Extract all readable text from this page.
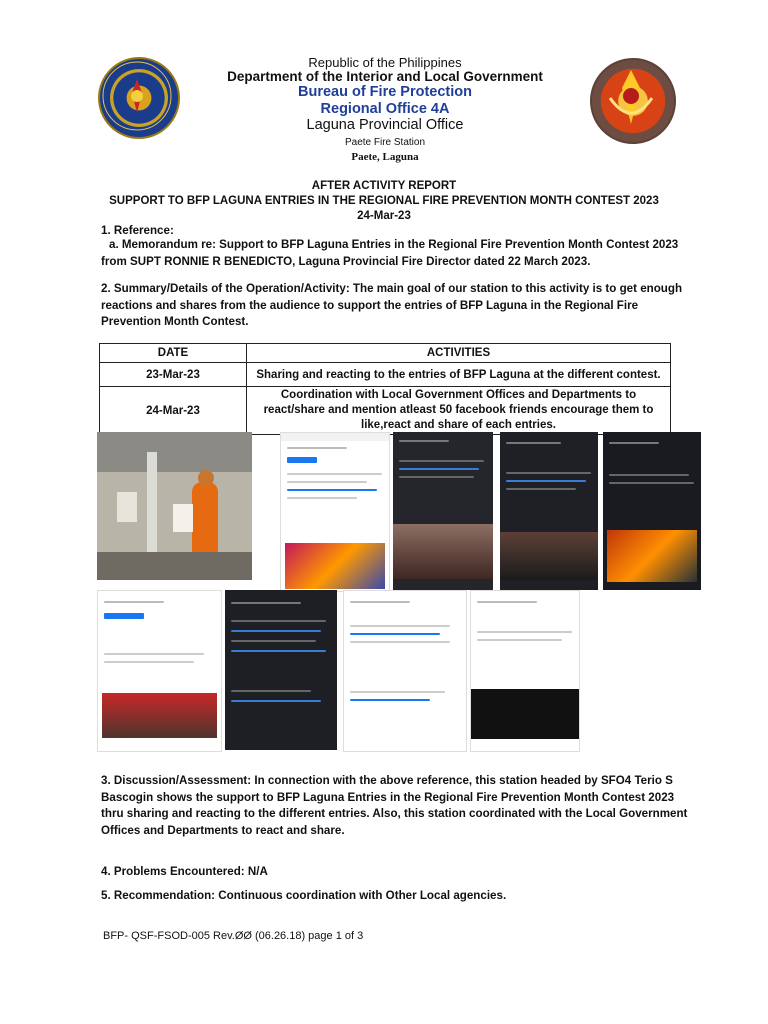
Republic of the Philippines
Department of the Interior and Local Government
Bureau of Fire Protection
Regional Office 4A
Laguna Provincial Office
Paete Fire Station
Paete, Laguna
AFTER ACTIVITY REPORT
SUPPORT TO BFP LAGUNA ENTRIES IN THE REGIONAL FIRE PREVENTION MONTH CONTEST 2023
24-Mar-23
1. Reference:
a. Memorandum re: Support to BFP Laguna Entries in the Regional Fire Prevention Month Contest 2023 from SUPT RONNIE R BENEDICTO, Laguna Provincial Fire Director dated 22 March 2023.
2. Summary/Details of the Operation/Activity: The main goal of our station to this activity is to get enough reactions and shares from the audience to support the entries of BFP Laguna in the Regional Fire Prevention Month Contest.
DATE	ACTIVITIES
23-Mar-23	Sharing and reacting to the entries of BFP Laguna at the different contest.
24-Mar-23	Coordination with Local Government Offices and Departments to react/share and mention atleast 50 facebook friends encourage them to like,react and share of each entries.
3. Discussion/Assessment: In connection with the above reference, this station headed by SFO4 Terio S Bascogin shows the support to BFP Laguna Entries in the Regional Fire Prevention Month Contest 2023 thru sharing and reacting to the different entries. Also, this station coordinated with the Local Government Offices and Departments to react and share.
4. Problems Encountered: N/A
5. Recommendation: Continuous coordination with Other Local agencies.
BFP- QSF-FSOD-005 Rev.ØØ (06.26.18) page 1 of 3
